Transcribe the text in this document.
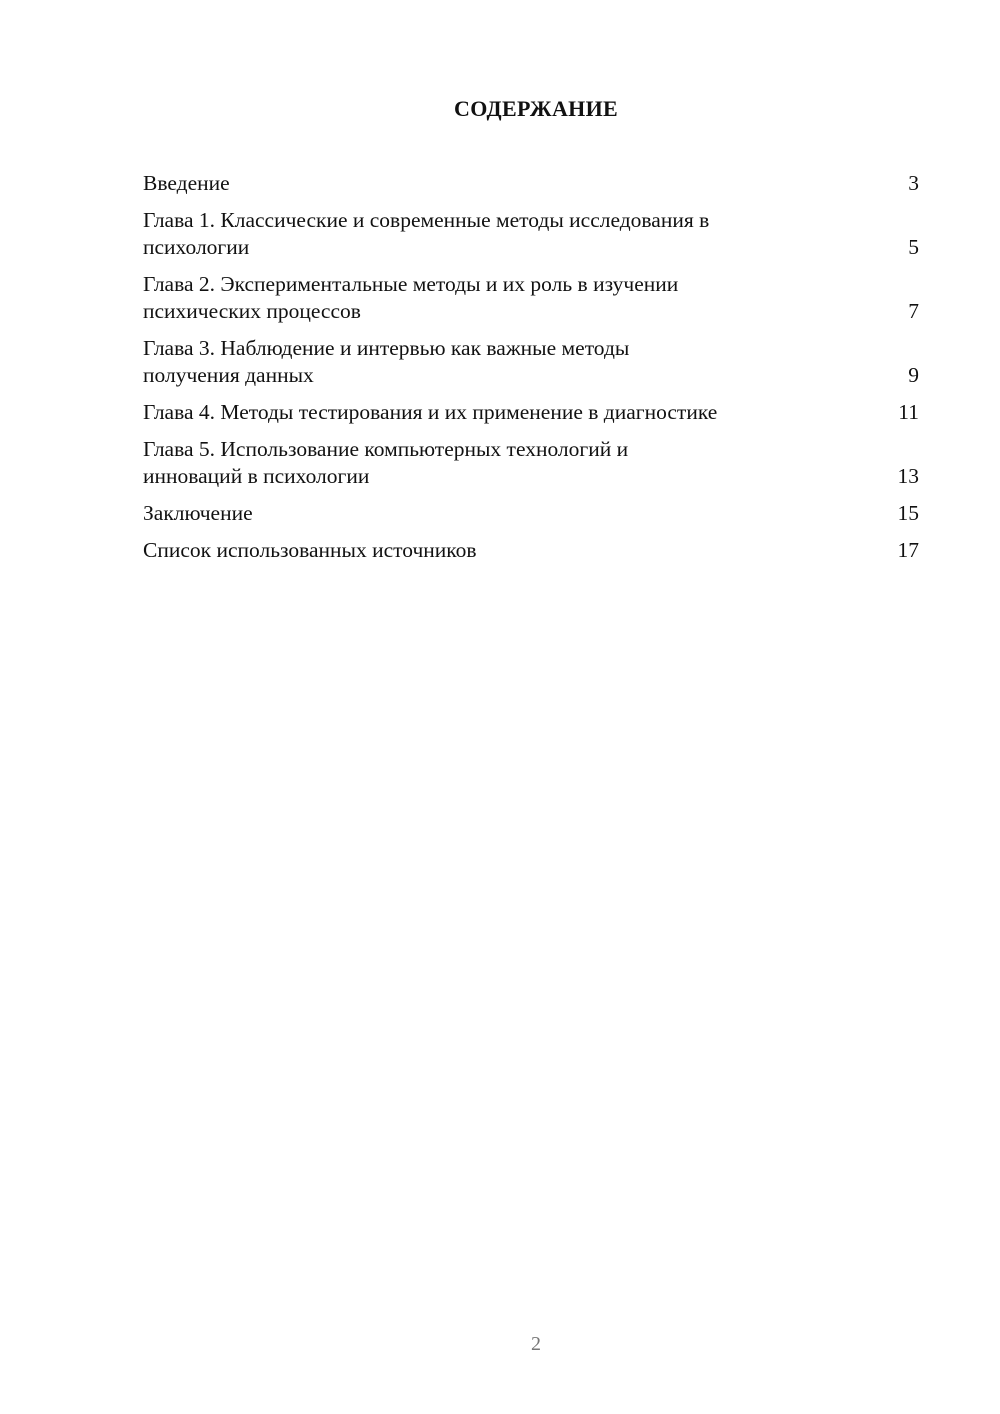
СОДЕРЖАНИЕ
Введение	3
Глава 1. Классические и современные методы исследования в
психологии	5
Глава 2. Экспериментальные методы и их роль в изучении
психических процессов	7
Глава 3. Наблюдение и интервью как важные методы
получения данных	9
Глава 4. Методы тестирования и их применение в диагностике	11
Глава 5. Использование компьютерных технологий и
инноваций в психологии	13
Заключение	15
Список использованных источников	17
2
